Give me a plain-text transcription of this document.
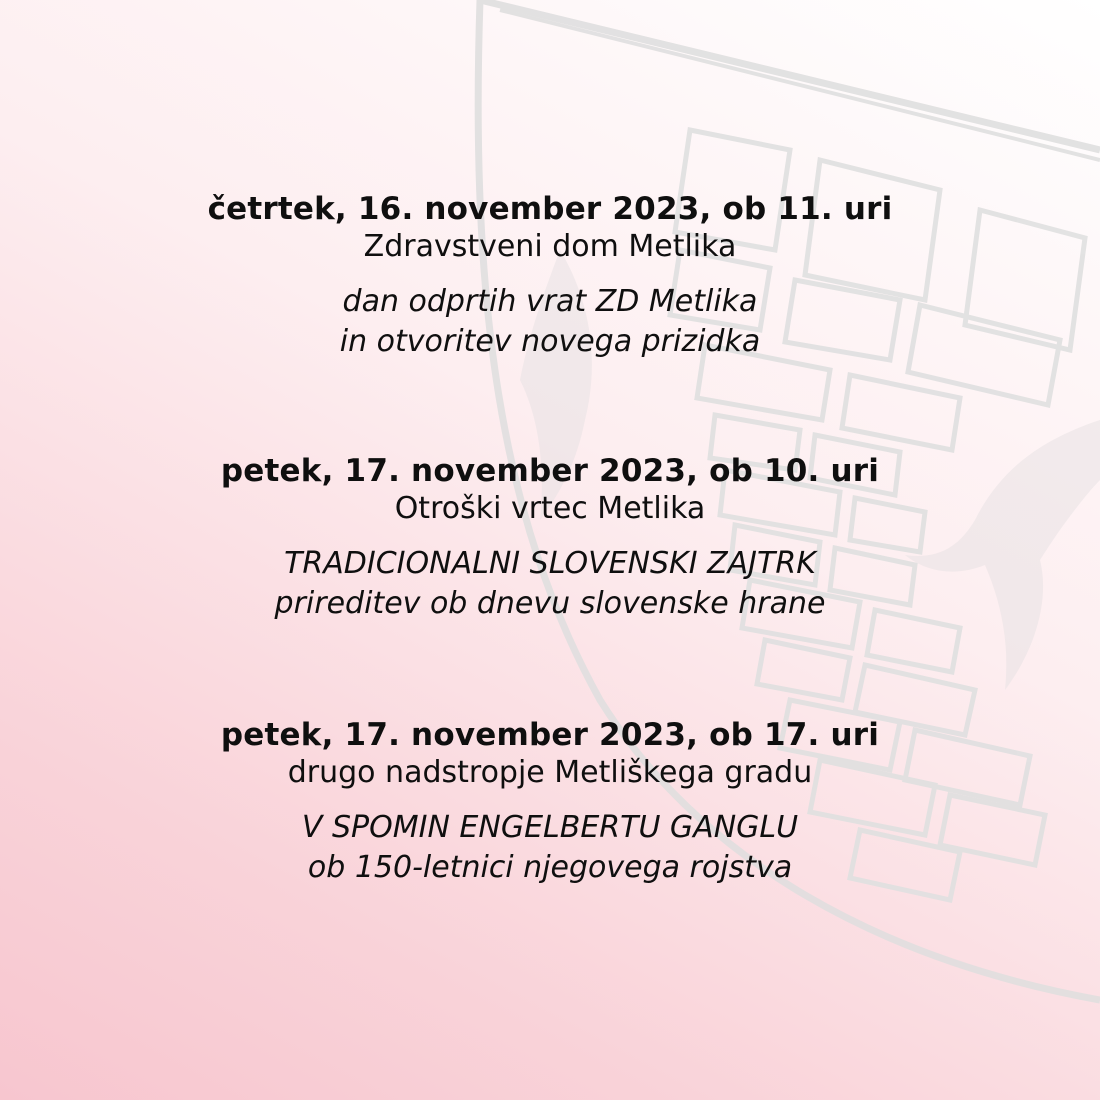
četrtek, 16. november 2023, ob 11. uri

Zdravstveni dom Metlika

dan odprtih vrat ZD Metlika
in otvoritev novega prizidka

petek, 17. november 2023, ob 10. uri

Otroški vrtec Metlika

TRADICIONALNI SLOVENSKI ZAJTRK
prireditev ob dnevu slovenske hrane

petek, 17. november 2023, ob 17. uri

drugo nadstropje Metliškega gradu

V SPOMIN ENGELBERTU GANGLU
ob 150-letnici njegovega rojstva
